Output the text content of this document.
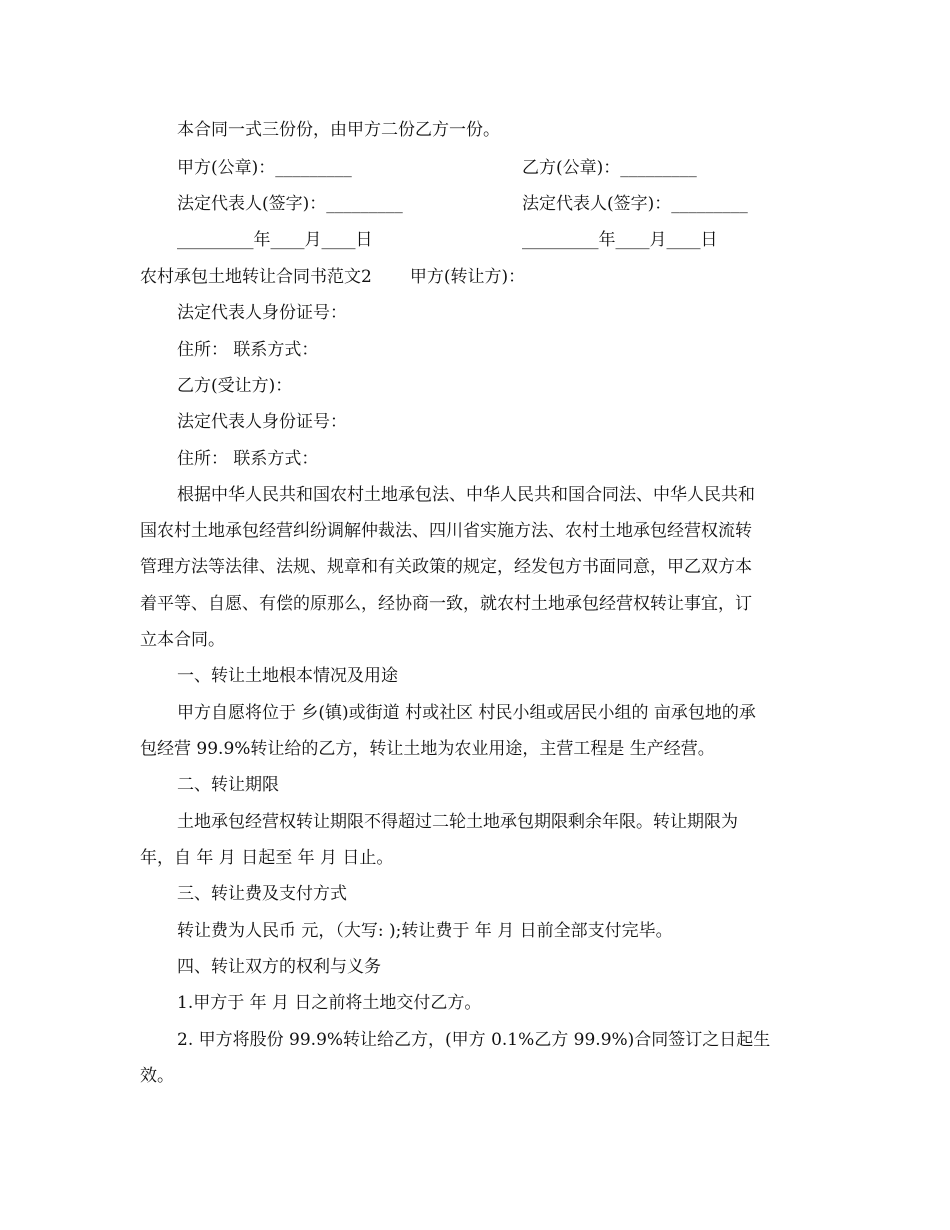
本合同一式三份份，由甲方二份乙方一份。
甲方(公章)：_________	乙方(公章)：_________
法定代表人(签字)：_________	法定代表人(签字)：_________
_________年____月____日	_________年____月____日
农村承包土地转让合同书范文2 甲方(转让方)：
法定代表人身份证号：
住所： 联系方式：
乙方(受让方)：
法定代表人身份证号：
住所： 联系方式：
根据中华人民共和国农村土地承包法、中华人民共和国合同法、中华人民共和
国农村土地承包经营纠纷调解仲裁法、四川省实施方法、农村土地承包经营权流转
管理方法等法律、法规、规章和有关政策的规定，经发包方书面同意，甲乙双方本
着平等、自愿、有偿的原那么，经协商一致，就农村土地承包经营权转让事宜，订
立本合同。
一、转让土地根本情况及用途
甲方自愿将位于 乡(镇)或街道 村或社区 村民小组或居民小组的 亩承包地的承
包经营 99.9%转让给的乙方，转让土地为农业用途，主营工程是 生产经营。
二、转让期限
土地承包经营权转让期限不得超过二轮土地承包期限剩余年限。转让期限为
年，自 年 月 日起至 年 月 日止。
三、转让费及支付方式
转让费为人民币 元，（大写: );转让费于 年 月 日前全部支付完毕。
四、转让双方的权利与义务
1.甲方于 年 月 日之前将土地交付乙方。
2. 甲方将股份 99.9%转让给乙方，(甲方 0.1%乙方 99.9%)合同签订之日起生
效。
